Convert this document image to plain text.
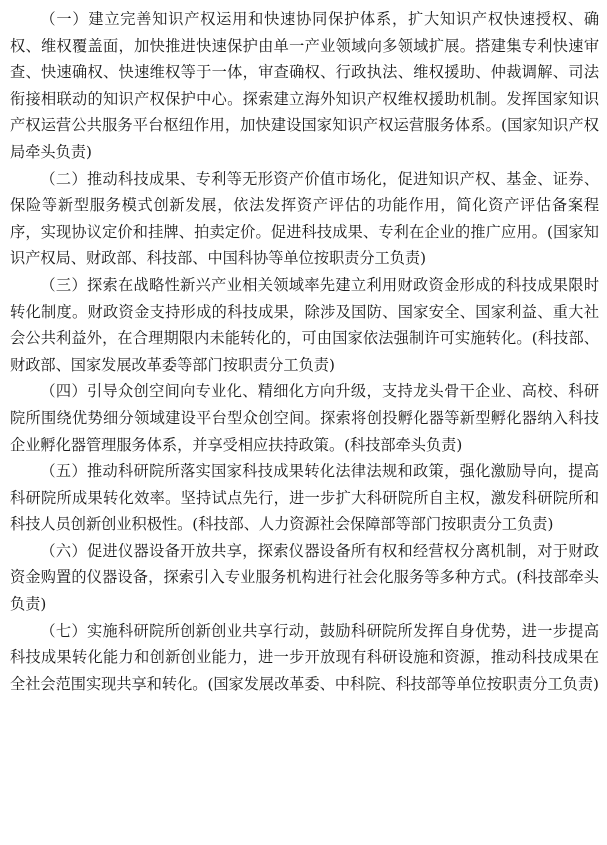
（一）建立完善知识产权运用和快速协同保护体系，扩大知识产权快速授权、确权、维权覆盖面，加快推进快速保护由单一产业领域向多领域扩展。搭建集专利快速审查、快速确权、快速维权等于一体，审查确权、行政执法、维权援助、仲裁调解、司法衔接相联动的知识产权保护中心。探索建立海外知识产权维权援助机制。发挥国家知识产权运营公共服务平台枢纽作用，加快建设国家知识产权运营服务体系。(国家知识产权局牵头负责)

（二）推动科技成果、专利等无形资产价值市场化，促进知识产权、基金、证券、保险等新型服务模式创新发展，依法发挥资产评估的功能作用，简化资产评估备案程序，实现协议定价和挂牌、拍卖定价。促进科技成果、专利在企业的推广应用。(国家知识产权局、财政部、科技部、中国科协等单位按职责分工负责)

（三）探索在战略性新兴产业相关领域率先建立利用财政资金形成的科技成果限时转化制度。财政资金支持形成的科技成果，除涉及国防、国家安全、国家利益、重大社会公共利益外，在合理期限内未能转化的，可由国家依法强制许可实施转化。(科技部、财政部、国家发展改革委等部门按职责分工负责)

（四）引导众创空间向专业化、精细化方向升级，支持龙头骨干企业、高校、科研院所围绕优势细分领域建设平台型众创空间。探索将创投孵化器等新型孵化器纳入科技企业孵化器管理服务体系，并享受相应扶持政策。(科技部牵头负责)

（五）推动科研院所落实国家科技成果转化法律法规和政策，强化激励导向，提高科研院所成果转化效率。坚持试点先行，进一步扩大科研院所自主权，激发科研院所和科技人员创新创业积极性。(科技部、人力资源社会保障部等部门按职责分工负责)

（六）促进仪器设备开放共享，探索仪器设备所有权和经营权分离机制，对于财政资金购置的仪器设备，探索引入专业服务机构进行社会化服务等多种方式。(科技部牵头负责)

（七）实施科研院所创新创业共享行动，鼓励科研院所发挥自身优势，进一步提高科技成果转化能力和创新创业能力，进一步开放现有科研设施和资源，推动科技成果在全社会范围实现共享和转化。(国家发展改革委、中科院、科技部等单位按职责分工负责)
